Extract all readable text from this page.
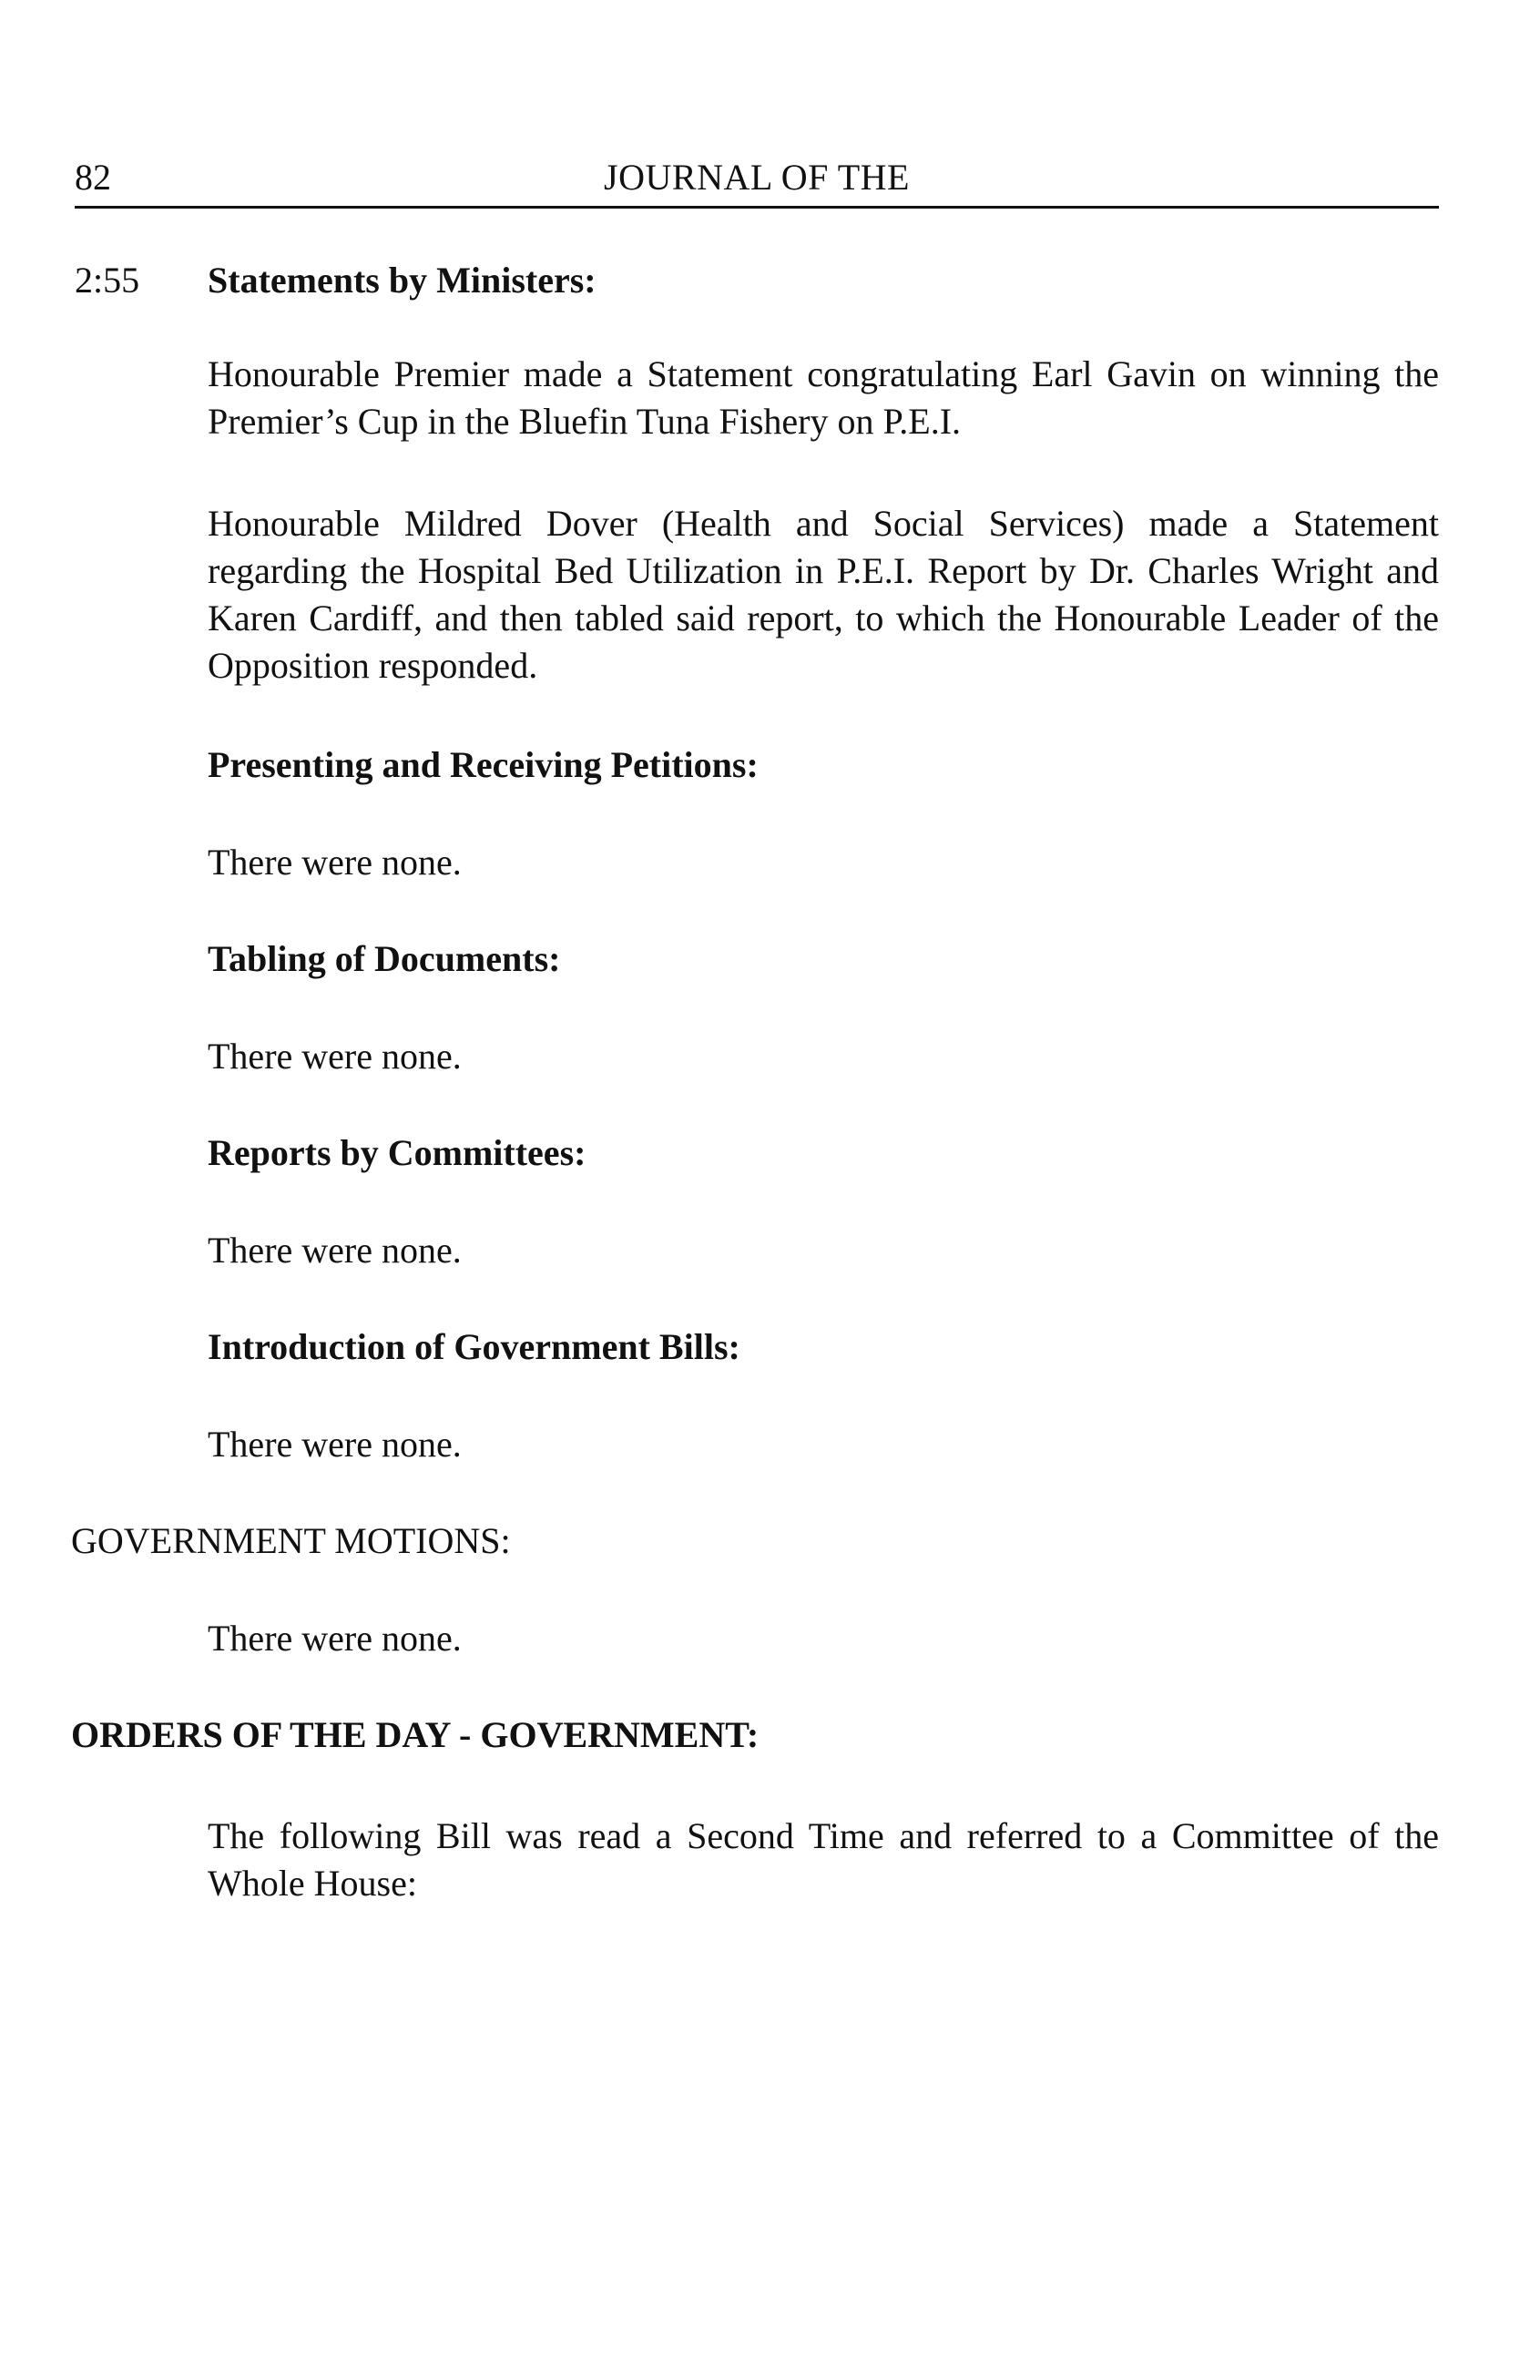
82	JOURNAL OF THE
2:55 Statements by Ministers:

Honourable Premier made a Statement congratulating Earl Gavin on winning the Premier’s Cup in the Bluefin Tuna Fishery on P.E.I.

Honourable Mildred Dover (Health and Social Services) made a Statement regarding the Hospital Bed Utilization in P.E.I. Report by Dr. Charles Wright and Karen Cardiff, and then tabled said report, to which the Honourable Leader of the Opposition responded.

Presenting and Receiving Petitions:
There were none.
Tabling of Documents:
There were none.
Reports by Committees:
There were none.
Introduction of Government Bills:
There were none.
GOVERNMENT MOTIONS:
There were none.
ORDERS OF THE DAY - GOVERNMENT:

The following Bill was read a Second Time and referred to a Committee of the Whole House:
